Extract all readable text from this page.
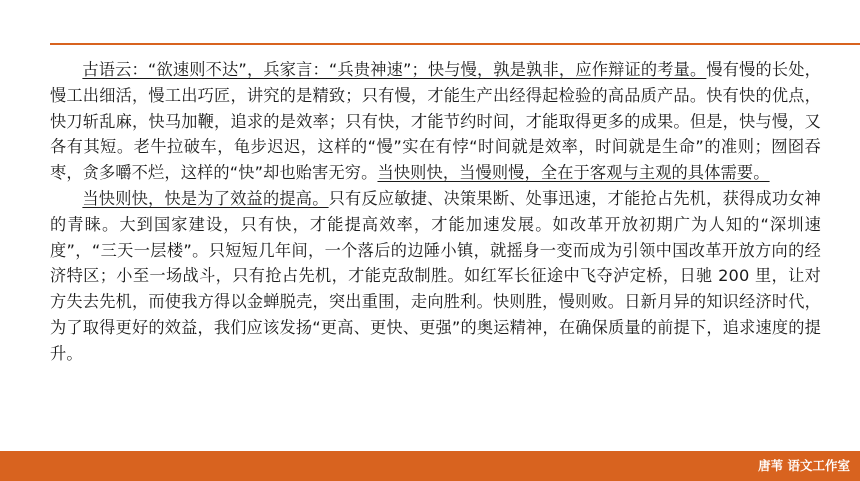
古语云：“欲速则不达”，兵家言：“兵贵神速”；快与慢，孰是孰非，应作辩证的考量。慢有慢的长处，慢工出细活，慢工出巧匠，讲究的是精致；只有慢，才能生产出经得起检验的高品质产品。快有快的优点，快刀斩乱麻，快马加鞭，追求的是效率；只有快，才能节约时间，才能取得更多的成果。但是，快与慢，又各有其短。老牛拉破车，龟步迟迟，这样的“慢”实在有悖“时间就是效率，时间就是生命”的准则；囫囵吞枣，贪多嚼不烂，这样的“快”却也贻害无穷。当快则快，当慢则慢，全在于客观与主观的具体需要。

当快则快，快是为了效益的提高。只有反应敏捷、决策果断、处事迅速，才能抢占先机，获得成功女神的青睐。大到国家建设，只有快，才能提高效率，才能加速发展。如改革开放初期广为人知的“深圳速度”，“三天一层楼”。只短短几年间，一个落后的边陲小镇，就摇身一变而成为引领中国改革开放方向的经济特区；小至一场战斗，只有抢占先机，才能克敌制胜。如红军长征途中飞夺泸定桥，日驰 200 里，让对方失去先机，而使我方得以金蝉脱壳，突出重围，走向胜利。快则胜，慢则败。日新月异的知识经济时代，为了取得更好的效益，我们应该发扬“更高、更快、更强”的奥运精神，在确保质量的前提下，追求速度的提升。

唐苇 语文工作室
